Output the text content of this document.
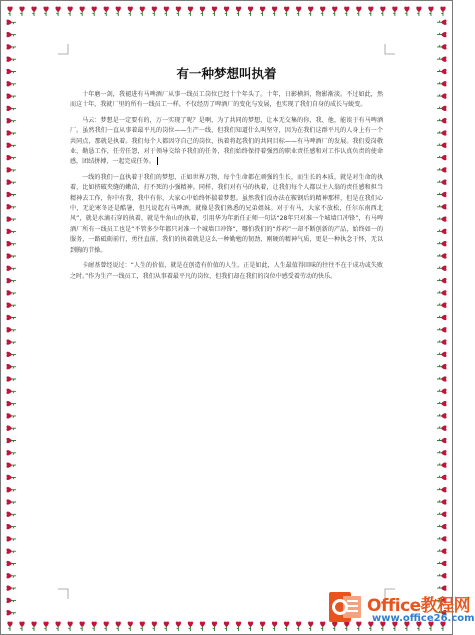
有一种梦想叫执着

十年磨一剑，我褪进有马啤酒厂从事一线员工岗位已经十个年头了。十年，日影横斜，物影渐淡。不过如此，然而这十年，我就厂里的所有一线员工一样，不仅经历了啤酒厂的变化与发展，也实现了我们自身的成长与蜕变。

马云：梦想是一定要有的，万一实现了呢？是啊，为了共同的梦想，让本无交集的你、我、他，能诶于有马啤酒厂。虽然我们一直从事着最平凡的岗位——生产一线，但我们知道什么叫坚守，因为在我们这群平凡的人身上有一个共同点，那就是执着。我们每个人都因守自己的岗位，执着将起我们的共同目标——有马啤酒厂的发展。我们爱岗敬业，勤恳工作，任劳任怨，对于领导交给予我们的任务，我们始终保持着强烈的职业责任感和对工作认真负责的使命感，团结拼搏，一起完成任务。

一线的我们一直执着于我们的梦想，正如世界万物，每个生命都在顽强的生长，而生长的本质，就是对生命的执着，比如挤破夹缝的嫩苗，打不死的小强精神。同样，我们对有马的执着，让我们每个人都以主人翁的责任感和担当精神去工作，你中有我，我中有你，大家心中始终怀揣着梦想。虽然我们没办法在鞍钢后的精神那样，但是在我们心中，无论寒冬还是酷暑，但凡说起有马啤酒，就像是我们熟悉的兄弟姐妹。对于有马，大家不放松，任尔东南西北风”，就是水滴石穿的执着，就是牛角山的执着，引用华为年新任正师一句话“28年只对准一个城墙口冲锋”，有马啤酒厂所有一线员工也是“不管多少年都只对准一个城墙口冲锋”，哪怕我们的“炸药”一却不断创新的产品，始终如一的服务，一路砥砺前行，勇往直前，我们的执着就是这么一种勤勉的韧劲，刚硬的精神气质，更是一种执念于怀，无以到胸的节操。

卡耐基曾经说过：“人生的价值，就是在创造有价值的人生，正是如此，人生最值得回味的往往不在于成功或失败之时。”作为生产一线员工，我们从事着最平凡的岗位，但我们却在我们的岗位中感受着劳动的快乐。

Office教程网
www.office26.com
